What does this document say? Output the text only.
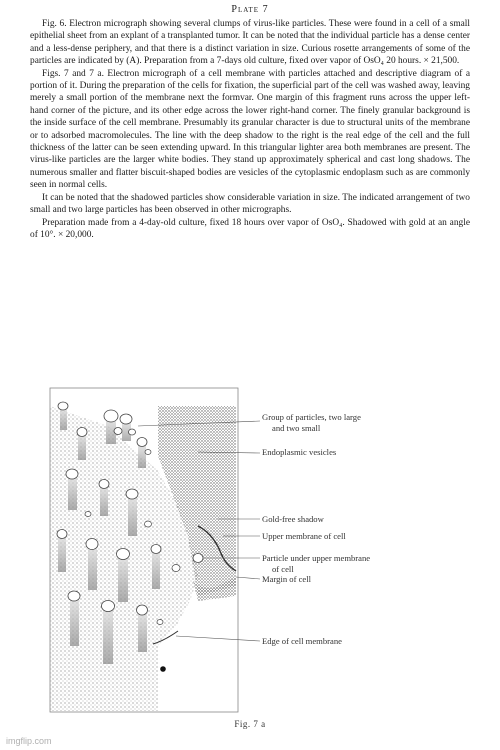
Plate 7

Fig. 6. Electron micrograph showing several clumps of virus-like particles. These were found in a cell of a small epithelial sheet from an explant of a transplanted tumor. It can be noted that the individual particle has a dense center and a less-dense periphery, and that there is a distinct variation in size. Curious rosette arrangements of some of the particles are indicated by (A). Preparation from a 7-days old culture, fixed over vapor of OsO₄ 20 hours. × 21,500.

Figs. 7 and 7 a. Electron micrograph of a cell membrane with particles attached and descriptive diagram of a portion of it. During the preparation of the cells for fixation, the superficial part of the cell was washed away, leaving merely a small portion of the membrane next the formvar. One margin of this fragment runs across the upper left-hand corner of the picture, and its other edge across the lower right-hand corner. The finely granular background is the inside surface of the cell membrane. Presumably its granular character is due to structural units of the membrane or to adsorbed macromolecules. The line with the deep shadow to the right is the real edge of the cell and the full thickness of the latter can be seen extending upward. In this triangular lighter area both membranes are present. The virus-like particles are the larger white bodies. They stand up approximately spherical and cast long shadows. The numerous smaller and flatter biscuit-shaped bodies are vesicles of the cytoplasmic endoplasm such as are commonly seen in normal cells.

It can be noted that the shadowed particles show considerable variation in size. The indicated arrangement of two small and two large particles has been observed in other micrographs.

Preparation made from a 4-day-old culture, fixed 18 hours over vapor of OsO₄. Shadowed with gold at an angle of 10°. × 20,000.

Group of particles, two large and two small
Endoplasmic vesicles
Gold-free shadow
Upper membrane of cell
Particle under upper membrane of cell
Margin of cell
Edge of cell membrane
Fig. 7 a
imgflip.com
